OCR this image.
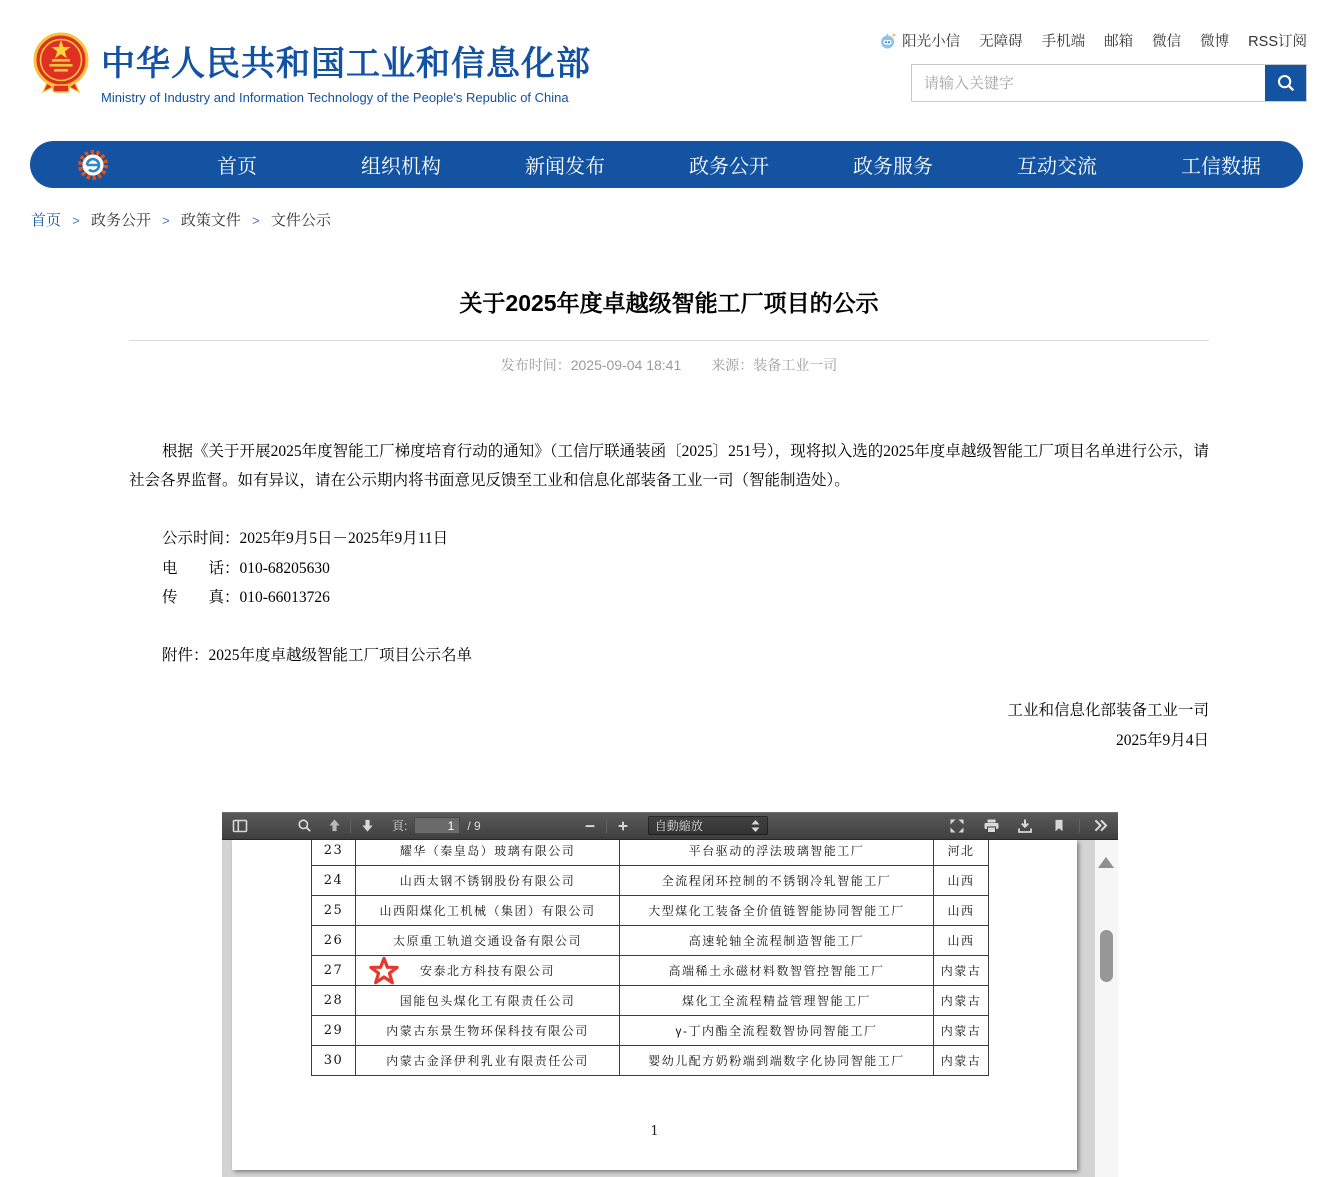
中华人民共和国工业和信息化部
Ministry of Industry and Information Technology of the People's Republic of China
阳光小信 无障碍 手机端 邮箱 微信 微博 RSS订阅
请输入关键字
首页	组织机构	新闻发布	政务公开	政务服务	互动交流	工信数据
首页 > 政务公开 > 政策文件 > 文件公示
关于2025年度卓越级智能工厂项目的公示
发布时间：2025-09-04 18:41 来源：装备工业一司
根据《关于开展2025年度智能工厂梯度培育行动的通知》（工信厅联通装函〔2025〕251号），现将拟入选的2025年度卓越级智能工厂项目名单进行公示，请社会各界监督。如有异议，请在公示期内将书面意见反馈至工业和信息化部装备工业一司（智能制造处）。
公示时间：2025年9月5日－2025年9月11日
电　　话：010-68205630
传　　真：010-66013726
附件：2025年度卓越级智能工厂项目公示名单
工业和信息化部装备工业一司
2025年9月4日
頁:
1	/ 9	自動縮放
23	耀华（秦皇岛）玻璃有限公司	平台驱动的浮法玻璃智能工厂	河北
24	山西太钢不锈钢股份有限公司	全流程闭环控制的不锈钢冷轧智能工厂	山西
25	山西阳煤化工机械（集团）有限公司	大型煤化工装备全价值链智能协同智能工厂	山西
26	太原重工轨道交通设备有限公司	高速轮轴全流程制造智能工厂	山西
27	安泰北方科技有限公司	高端稀土永磁材料数智管控智能工厂	内蒙古
28	国能包头煤化工有限责任公司	煤化工全流程精益管理智能工厂	内蒙古
29	内蒙古东景生物环保科技有限公司	γ-丁内酯全流程数智协同智能工厂	内蒙古
30	内蒙古金泽伊利乳业有限责任公司	婴幼儿配方奶粉端到端数字化协同智能工厂	内蒙古
1
